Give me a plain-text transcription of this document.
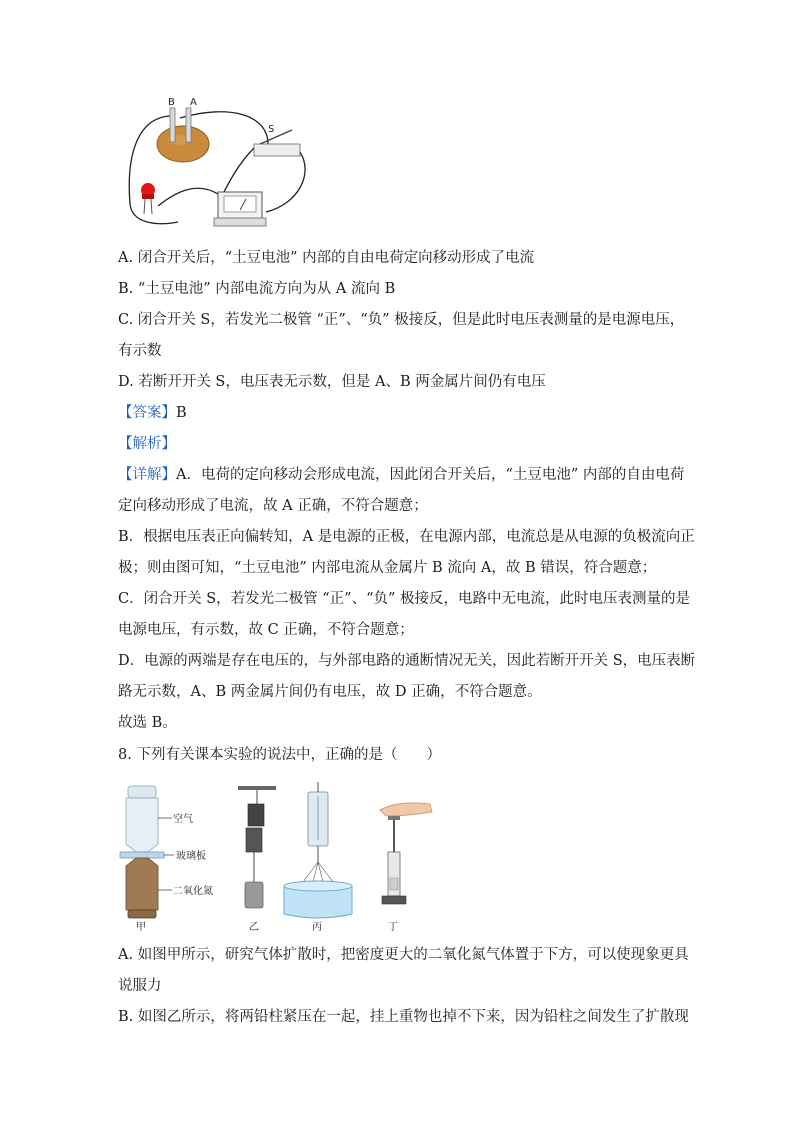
B A
S
A. 闭合开关后，“土豆电池” 内部的自由电荷定向移动形成了电流
B. “土豆电池” 内部电流方向为从 A 流向 B
C. 闭合开关 S，若发光二极管 “正”、“负” 极接反，但是此时电压表测量的是电源电压，
有示数
D. 若断开开关 S，电压表无示数，但是 A、B 两金属片间仍有电压
【答案】B
【解析】
【详解】A．电荷的定向移动会形成电流，因此闭合开关后，“土豆电池” 内部的自由电荷
定向移动形成了电流，故 A 正确，不符合题意；
B．根据电压表正向偏转知，A 是电源的正极，在电源内部，电流总是从电源的负极流向正
极；则由图可知，“土豆电池” 内部电流从金属片 B 流向 A，故 B 错误，符合题意；
C．闭合开关 S，若发光二极管 “正”、“负” 极接反，电路中无电流，此时电压表测量的是
电源电压，有示数，故 C 正确，不符合题意；
D．电源的两端是存在电压的，与外部电路的通断情况无关，因此若断开开关 S，电压表断
路无示数，A、B 两金属片间仍有电压，故 D 正确，不符合题意。
故选 B。
8. 下列有关课本实验的说法中，正确的是（　　）
空气
玻璃板
二氧化氮
甲	乙	丙	丁
A. 如图甲所示，研究气体扩散时，把密度更大的二氧化氮气体置于下方，可以使现象更具
说服力
B. 如图乙所示，将两铅柱紧压在一起，挂上重物也掉不下来，因为铅柱之间发生了扩散现
